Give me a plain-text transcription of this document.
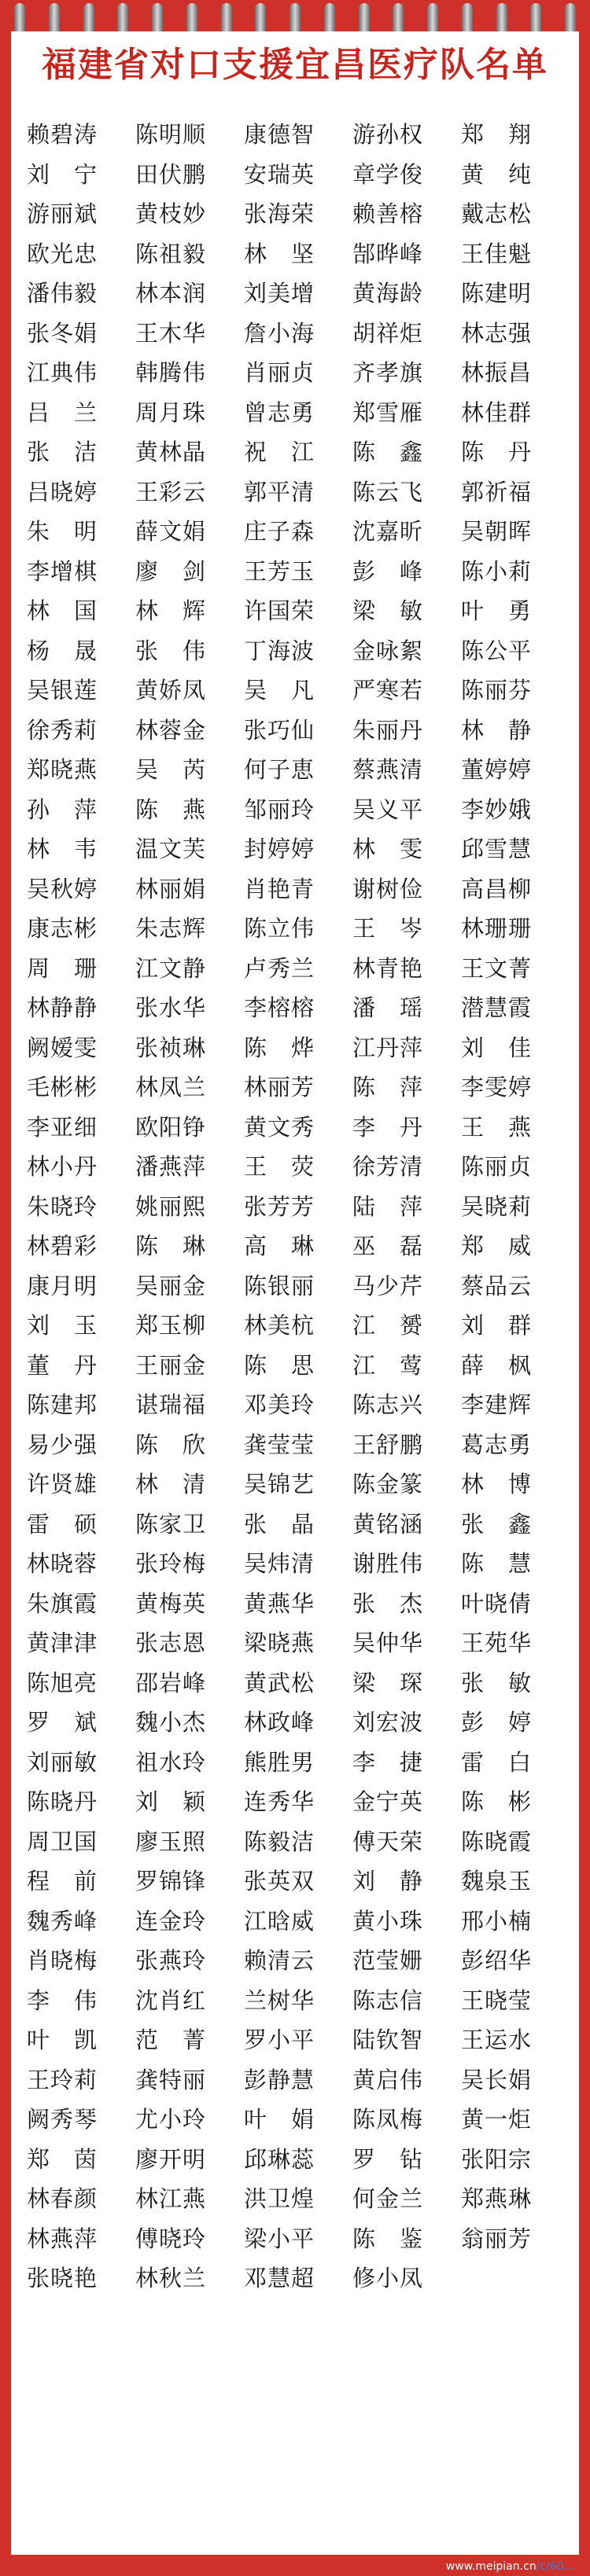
福建省对口支援宜昌医疗队名单
赖碧涛	陈明顺	康德智	游孙权	郑　翔
刘　宁	田伏鹏	安瑞英	章学俊	黄　纯
游丽斌	黄枝妙	张海荣	赖善榕	戴志松
欧光忠	陈祖毅	林　坚	郜晔峰	王佳魁
潘伟毅	林本润	刘美增	黄海龄	陈建明
张冬娟	王木华	詹小海	胡祥炬	林志强
江典伟	韩腾伟	肖丽贞	齐孝旗	林振昌
吕　兰	周月珠	曾志勇	郑雪雁	林佳群
张　洁	黄林晶	祝　江	陈　鑫	陈　丹
吕晓婷	王彩云	郭平清	陈云飞	郭祈福
朱　明	薛文娟	庄子森	沈嘉昕	吴朝晖
李增棋	廖　剑	王芳玉	彭　峰	陈小莉
林　国	林　辉	许国荣	梁　敏	叶　勇
杨　晟	张　伟	丁海波	金咏絮	陈公平
吴银莲	黄娇凤	吴　凡	严寒若	陈丽芬
徐秀莉	林蓉金	张巧仙	朱丽丹	林　静
郑晓燕	吴　芮	何子恵	蔡燕清	董婷婷
孙　萍	陈　燕	邹丽玲	吴义平	李妙娥
林　韦	温文芙	封婷婷	林　雯	邱雪慧
吴秋婷	林丽娟	肖艳青	谢树俭	高昌柳
康志彬	朱志辉	陈立伟	王　岑	林珊珊
周　珊	江文静	卢秀兰	林青艳	王文菁
林静静	张水华	李榕榕	潘　瑶	潜慧霞
阙嫒雯	张祯琳	陈　烨	江丹萍	刘　佳
毛彬彬	林凤兰	林丽芳	陈　萍	李雯婷
李亚细	欧阳铮	黄文秀	李　丹	王　燕
林小丹	潘燕萍	王　荧	徐芳清	陈丽贞
朱晓玲	姚丽熙	张芳芳	陆　萍	吴晓莉
林碧彩	陈　琳	高　琳	巫　磊	郑　威
康月明	吴丽金	陈银丽	马少芹	蔡品云
刘　玉	郑玉柳	林美杭	江　赟	刘　群
董　丹	王丽金	陈　思	江　莺	薛　枫
陈建邦	谌瑞福	邓美玲	陈志兴	李建辉
易少强	陈　欣	龚莹莹	王舒鹏	葛志勇
许贤雄	林　清	吴锦艺	陈金篆	林　博
雷　硕	陈家卫	张　晶	黄铭涵	张　鑫
林晓蓉	张玲梅	吴炜清	谢胜伟	陈　慧
朱旗霞	黄梅英	黄燕华	张　杰	叶晓倩
黄津津	张志恩	梁晓燕	吴仲华	王苑华
陈旭亮	邵岩峰	黄武松	梁　琛	张　敏
罗　斌	魏小杰	林政峰	刘宏波	彭　婷
刘丽敏	祖水玲	熊胜男	李　捷	雷　白
陈晓丹	刘　颖	连秀华	金宁英	陈　彬
周卫国	廖玉照	陈毅洁	傅天荣	陈晓霞
程　前	罗锦锋	张英双	刘　静	魏泉玉
魏秀峰	连金玲	江晗威	黄小珠	邢小楠
肖晓梅	张燕玲	赖清云	范莹姗	彭绍华
李　伟	沈肖红	兰树华	陈志信	王晓莹
叶　凯	范　菁	罗小平	陆钦智	王运水
王玲莉	龚特丽	彭静慧	黄启伟	吴长娟
阙秀琴	尤小玲	叶　娟	陈凤梅	黄一炬
郑　茵	廖开明	邱琳蕊	罗　钻	张阳宗
林春颜	林江燕	洪卫煌	何金兰	郑燕琳
林燕萍	傅晓玲	梁小平	陈　鉴	翁丽芳
张晓艳	林秋兰	邓慧超	修小凤
www.meipian.cn/c/60...
